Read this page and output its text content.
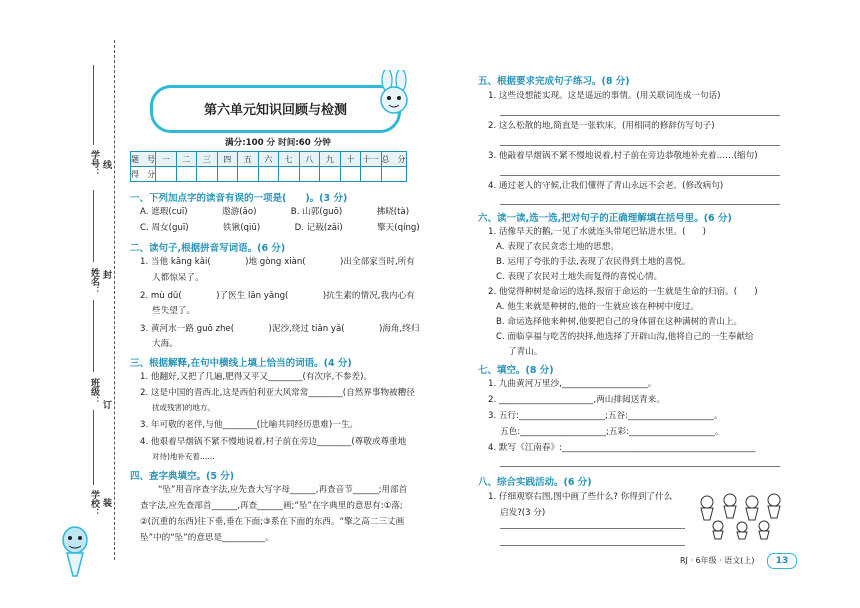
线
封
订
装
学号：
姓名：
班级：
学校：
第六单元知识回顾与检测
满分:100 分 时间:60 分钟
题　号	一	二	三	四	五	六	七	八	九	十	十一	总　分
得　分												
一、下列加点字的读音有误的一项是(　　)。(3 分)
A. 遮瑕(cuī)　　　　遨游(ǎo)　　　　B. 山郭(guō)　　　　拂晓(tà)
C. 周女(guī)　　　　铁锹(qiū)　　　　D. 记载(zǎi)　　　　擎天(qíng)
二、读句子,根据拼音写词语。(6 分)
1. 当他 kāng kǎi(　　　　)地 gòng xiàn(　　　　)出全部家当时,所有
人都惊呆了。
2. mù dǔ(　　　　)了医生 lān yǎng(　　　　)抗生素的情况,我内心有
些失望了。
3. 黄河水一路 guō zhe(　　　　)泥沙,绕过 tiān yǎ(　　　　)海角,终归
大海。
三、根据解释,在句中横线上填上恰当的词语。(4 分)
1. 他翻好,又把了几遍,肥得又平又________(有次序,不参差)。
2. 这是中国的晋西北,这是西伯利亚大风常常________(自然界事物被糟径
扰或残害)的地方。
3. 年可敬的老伴,与他________(比喻共同经历患难)一生。
4. 他艰着早烟锅不紧不慢地说着,村子前在旁边________(尊敬或尊重地
对待)地补充着……
四、查字典填空。(5 分)
“坠”用音序查字法,应先查大写字母______,再查音节______;用部首
查字法,应先查部首______,再查______画;“坠”在字典里的意思有:①落;
②(沉重的东西)往下垂,垂在下面;③系在下面的东西。“擎之高二三丈画
坠”中的“坠”的意思是__________。
五、根据要求完成句子练习。(8 分)
1. 这些设想能实现。这是遥远的事情。(用关联词连成一句话)
2. 这么松散的地,简直是一张软床。(用相同的修辞仿写句子)
3. 他敲着早烟锅不紧不慢地说着,村子前在旁边恭敬地补充着……(缩句)
4. 通过老人的守候,让我们懂得了青山永远不会老。(修改病句)
六、读一读,选一选,把对句子的正确理解填在括号里。(6 分)
1. 活像早天的鹅,一见了水就连头带尾巴钻进水里。(　　)
A. 表现了农民贪恋土地的思想。
B. 运用了夸张的手法,表现了农民得到土地的喜悦。
C. 表现了农民对土地失而复得的喜悦心情。
2. 他觉得种树是命运的选择,报宿于命运的一生就是生命的归宿。(　　)
A. 他生来就是种树的,他的一生就应该在种树中度过。
B. 命运选择他来种树,他要把自己的身体留在这种满树的青山上。
C. 面临享福与吃苦的抉择,他选择了开辟山沟,他将自己的一生奉献给
了青山。
七、填空。(8 分)
1. 九曲黄河万里沙,____________________。
2. ______________________,两山排闼送青来。
3. 五行:____________________;五谷:____________________。
五色:____________________;五彩:____________________。
4. 默写《江南春》:_____________________________________________
八、综合实践活动。(6 分)
1. 仔细观察右图,图中画了些什么? 你得到了什么
启发?(3 分)
RJ · 6年级 · 语文(上)	13
